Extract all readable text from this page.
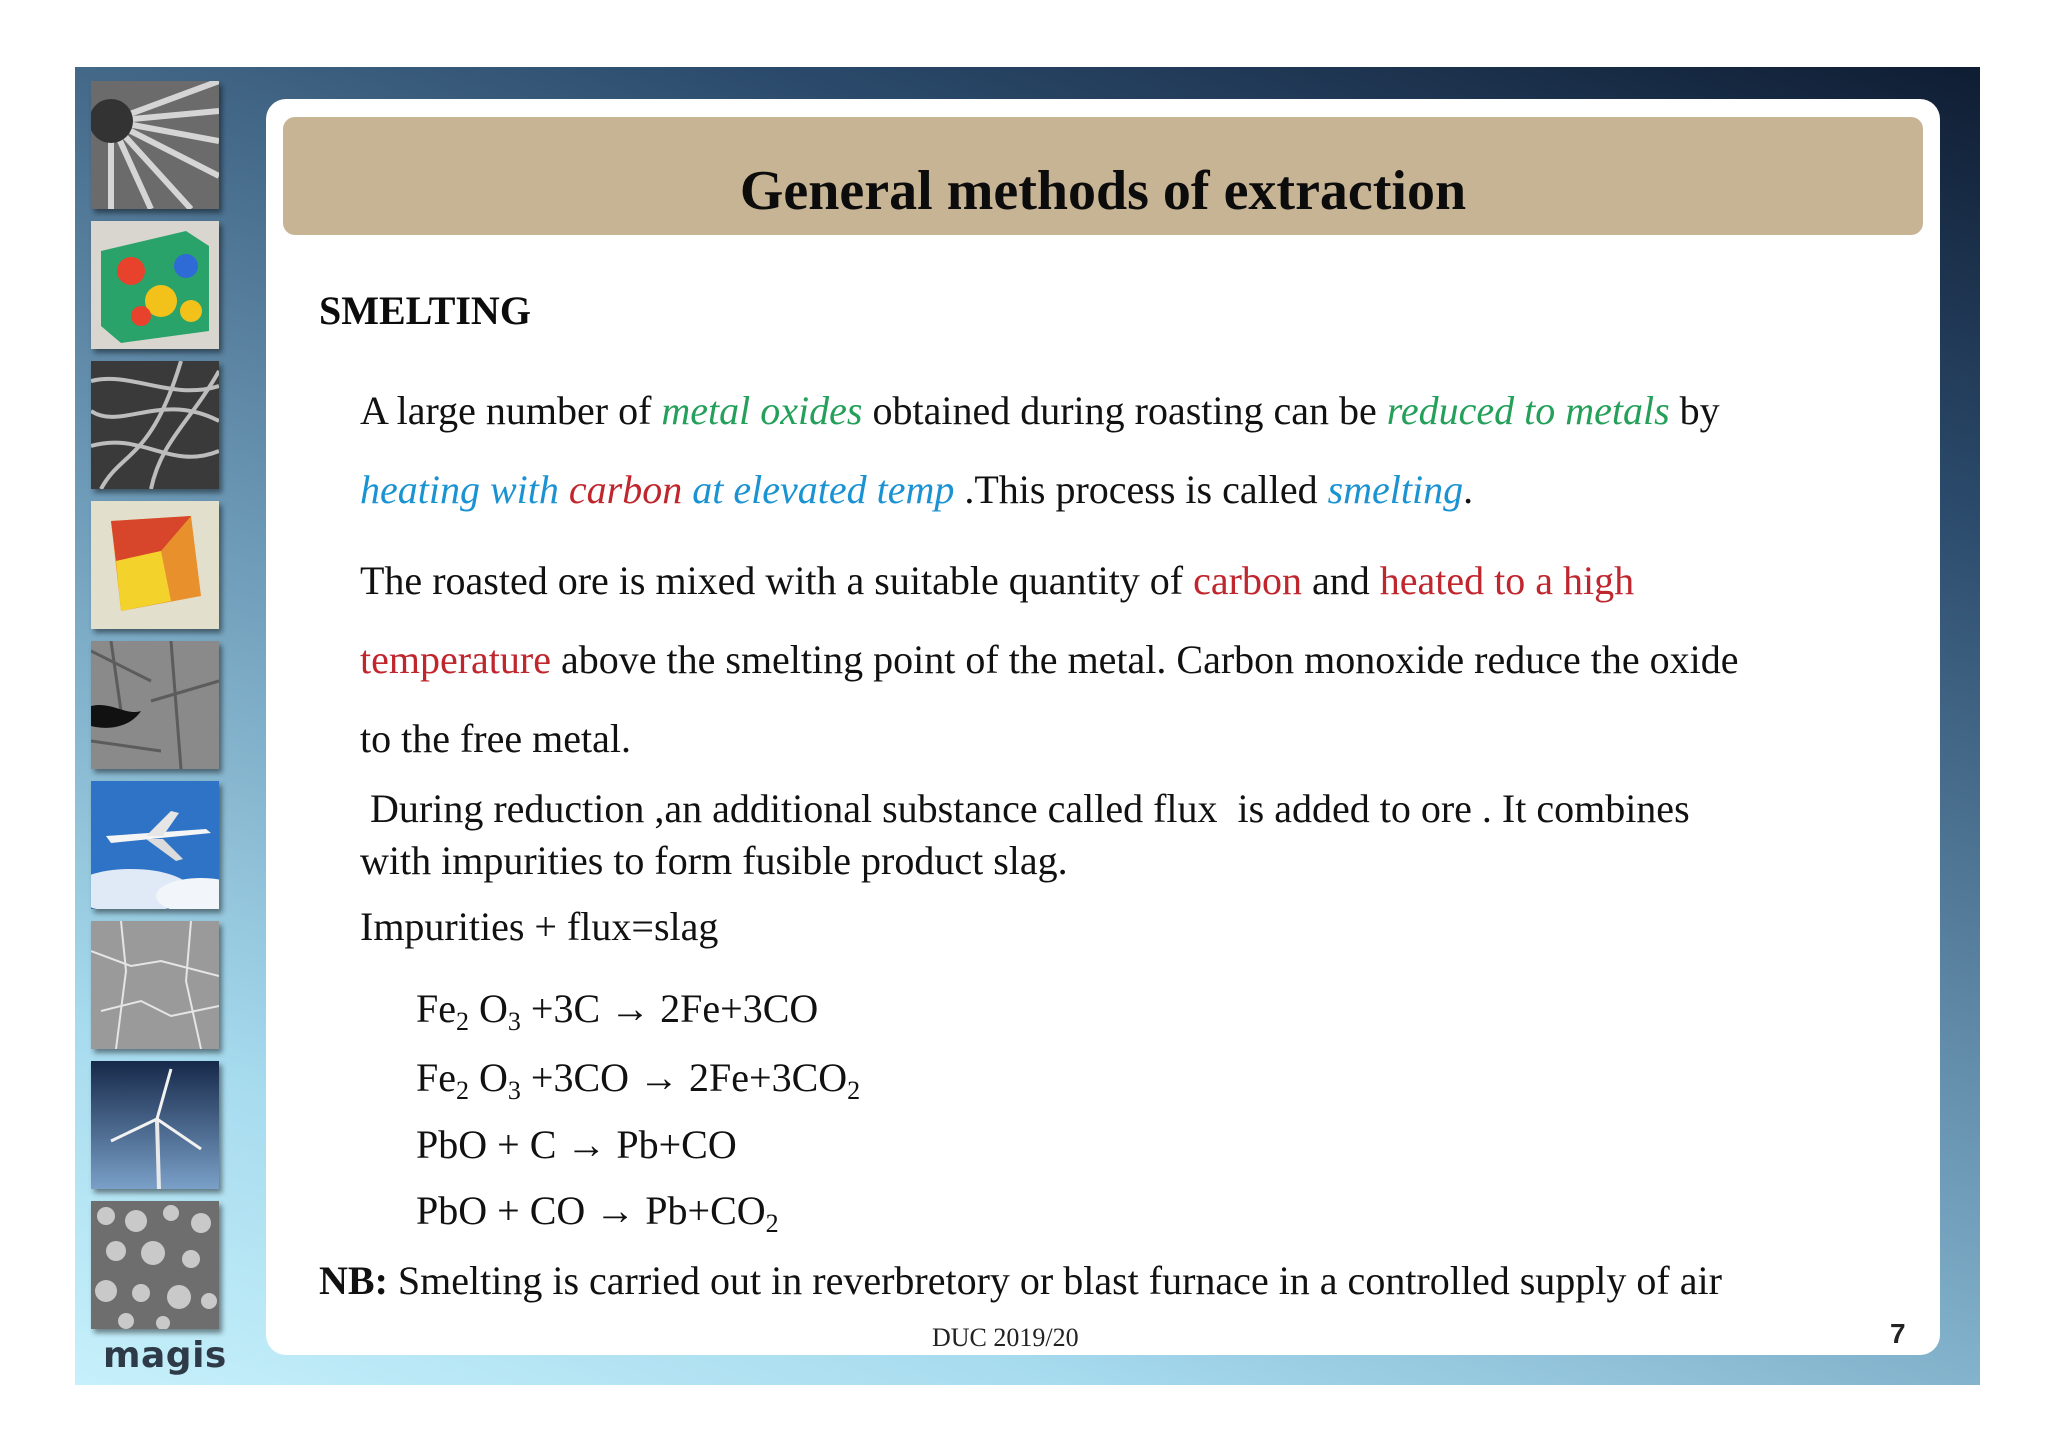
magis
General methods of extraction
SMELTING
A large number of metal oxides obtained during roasting can be reduced to metals by
heating with carbon at elevated temp .This process is called smelting.
The roasted ore is mixed with a suitable quantity of carbon and heated to a high
temperature above the smelting point of the metal. Carbon monoxide reduce the oxide
to the free metal.
During reduction ,an additional substance called flux  is added to ore . It combines
with impurities to form fusible product slag.
Impurities + flux=slag
$Fe_2$ $O_3 +3C \to 2Fe+3CO$
$Fe_2$ $O_3 +3CO \to 2Fe+3CO_2$
PbO + C → Pb+CO
PbO + CO → $Pb+CO_2$
NB: Smelting is carried out in reverbretory or blast furnace in a controlled supply of air
DUC 2019/20	7
